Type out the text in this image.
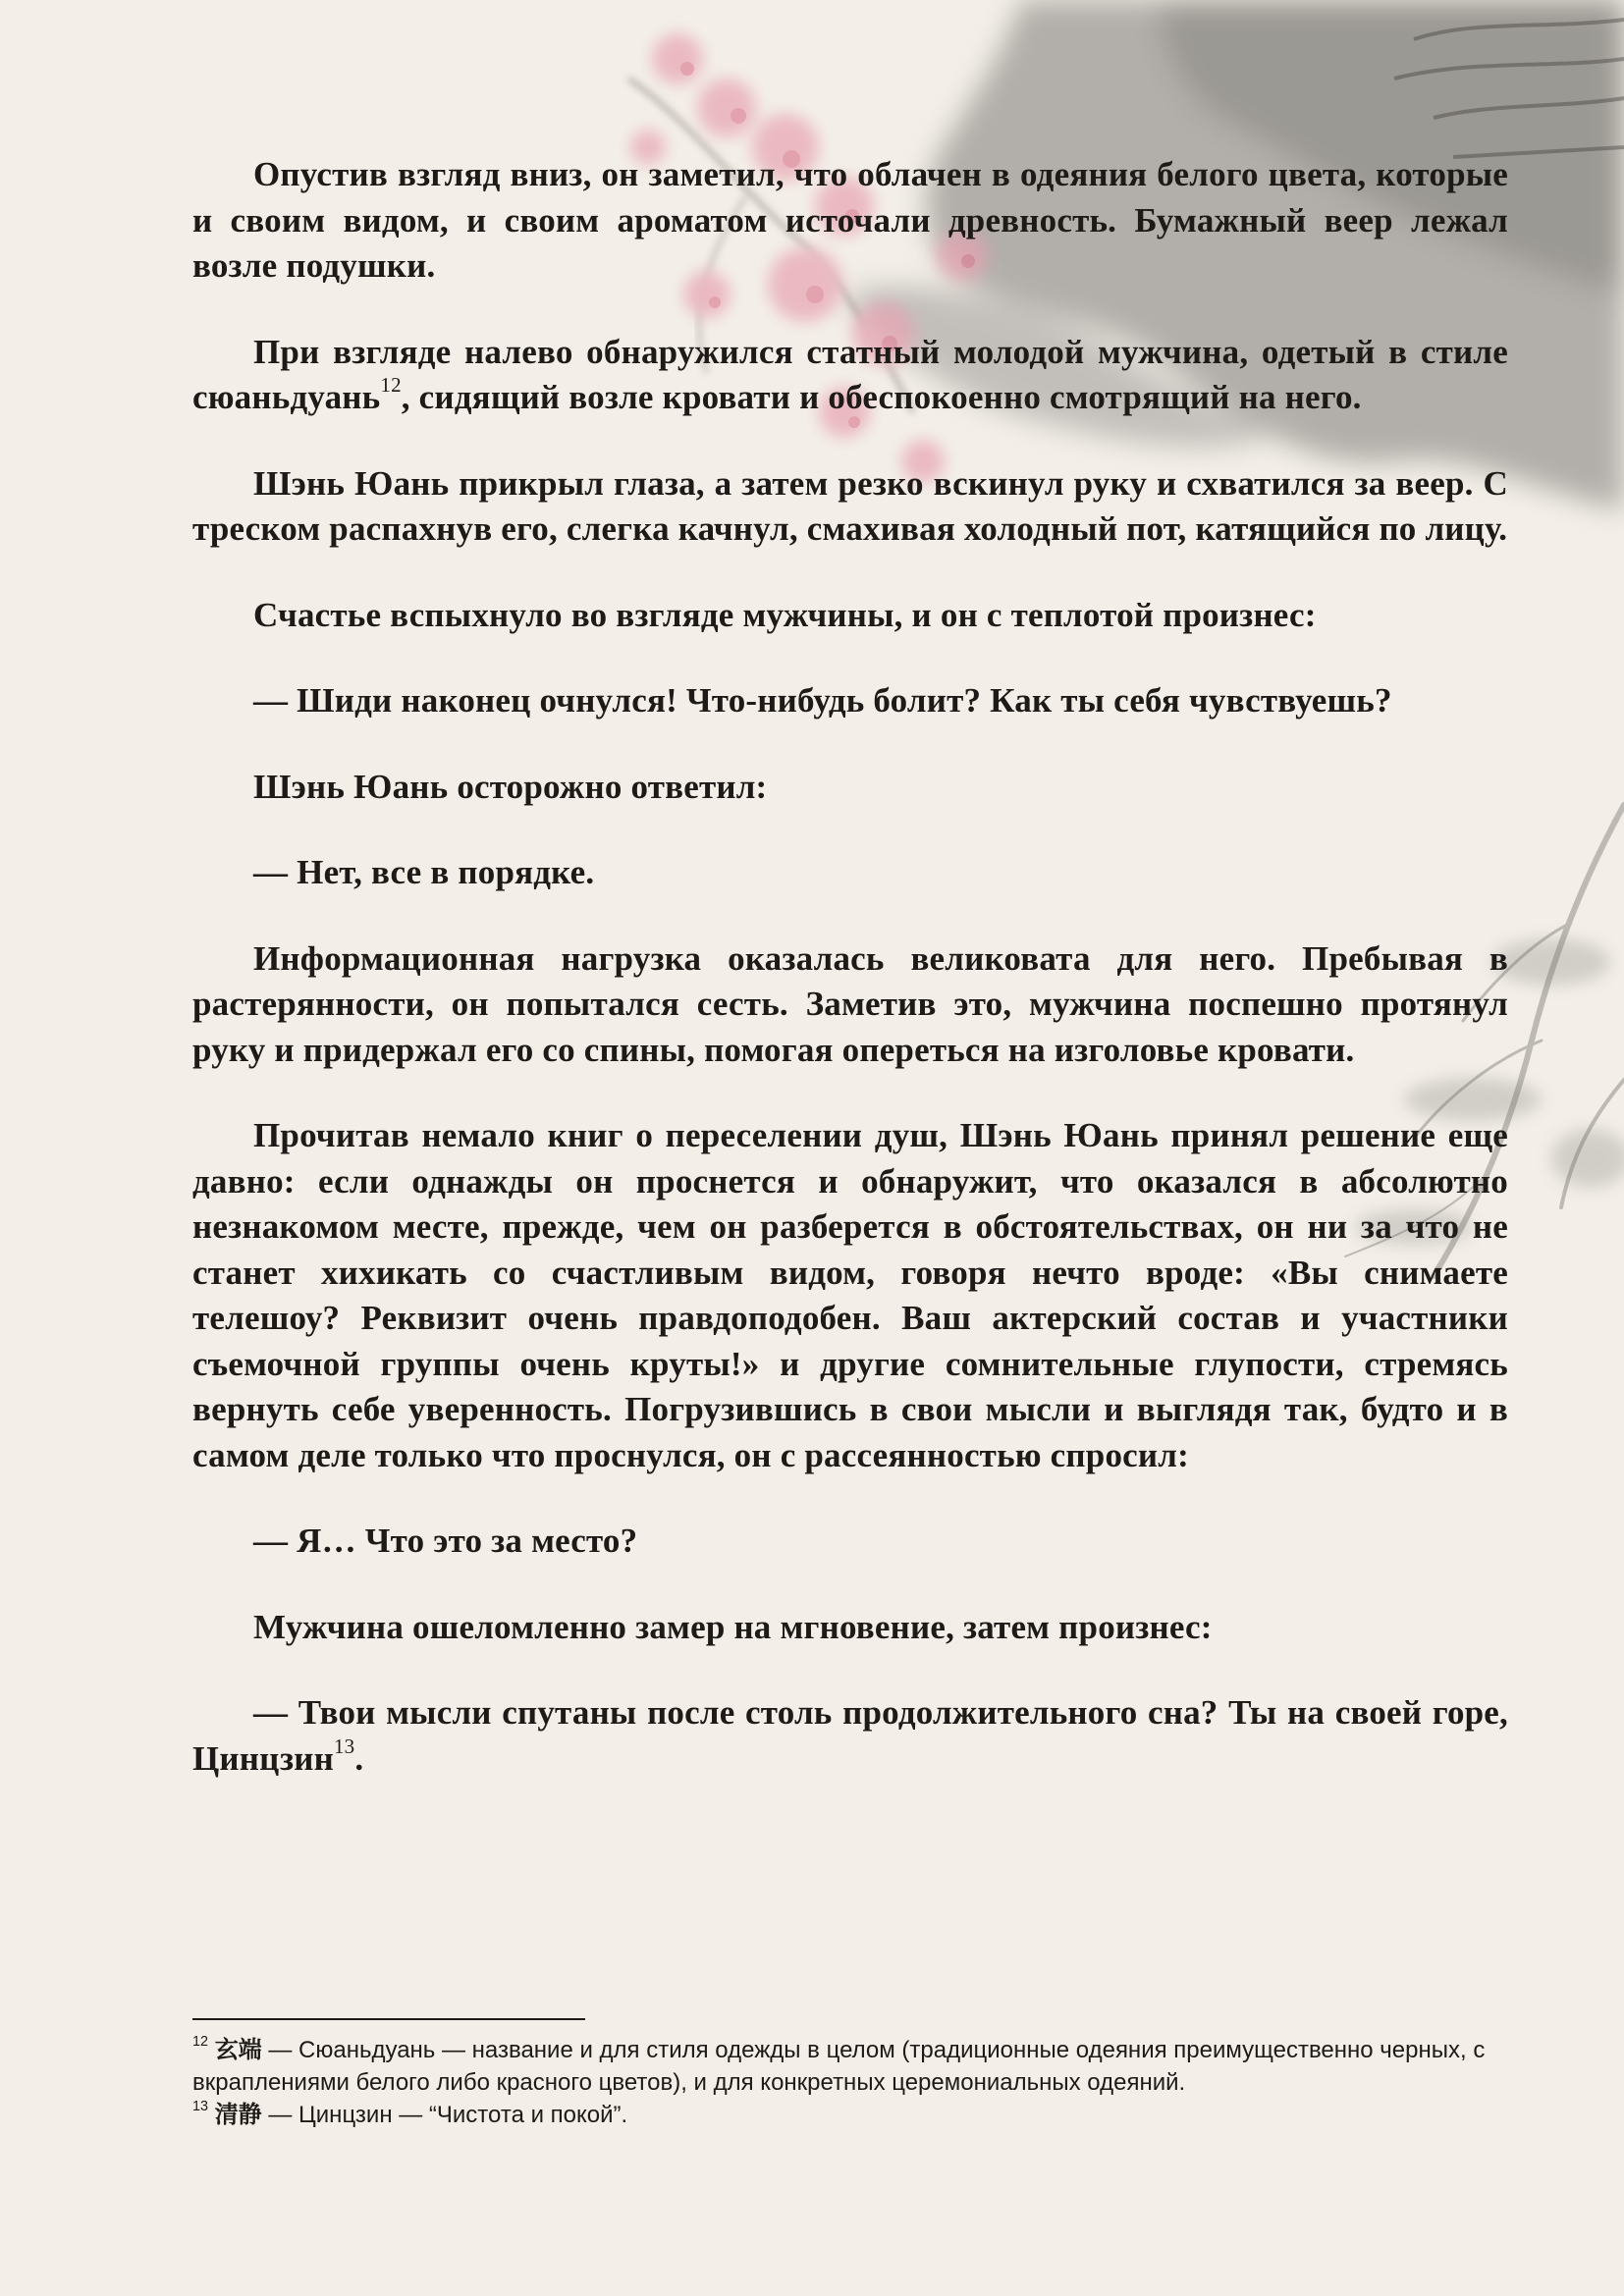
Опустив взгляд вниз, он заметил, что облачен в одеяния белого цвета, которые и своим видом, и своим ароматом источали древность. Бумажный веер лежал возле подушки.

При взгляде налево обнаружился статный молодой мужчина, одетый в стиле сюаньдуань$^{12}$, сидящий возле кровати и обеспокоенно смотрящий на него.

Шэнь Юань прикрыл глаза, а затем резко вскинул руку и схватился за веер. С треском распахнув его, слегка качнул, смахивая холодный пот, катящийся по лицу.

Счастье вспыхнуло во взгляде мужчины, и он с теплотой произнес:

— Шиди наконец очнулся! Что-нибудь болит? Как ты себя чувствуешь?

Шэнь Юань осторожно ответил:

— Нет, все в порядке.

Информационная нагрузка оказалась великовата для него. Пребывая в растерянности, он попытался сесть. Заметив это, мужчина поспешно протянул руку и придержал его со спины, помогая опереться на изголовье кровати.

Прочитав немало книг о переселении душ, Шэнь Юань принял решение еще давно: если однажды он проснется и обнаружит, что оказался в абсолютно незнакомом месте, прежде, чем он разберется в обстоятельствах, он ни за что не станет хихикать со счастливым видом, говоря нечто вроде: «Вы снимаете телешоу? Реквизит очень правдоподобен. Ваш актерский состав и участники съемочной группы очень круты!» и другие сомнительные глупости, стремясь вернуть себе уверенность. Погрузившись в свои мысли и выглядя так, будто и в самом деле только что проснулся, он с рассеянностью спросил:

— Я… Что это за место?

Мужчина ошеломленно замер на мгновение, затем произнес:

— Твои мысли спутаны после столь продолжительного сна? Ты на своей горе, Цинцзин$^{13}$.

$^{12}$ 玄端 — Сюаньдуань — название и для стиля одежды в целом (традиционные одеяния преимущественно черных, с вкраплениями белого либо красного цветов), и для конкретных церемониальных одеяний.

$^{13}$ 清静 — Цинцзин — “Чистота и покой”.
